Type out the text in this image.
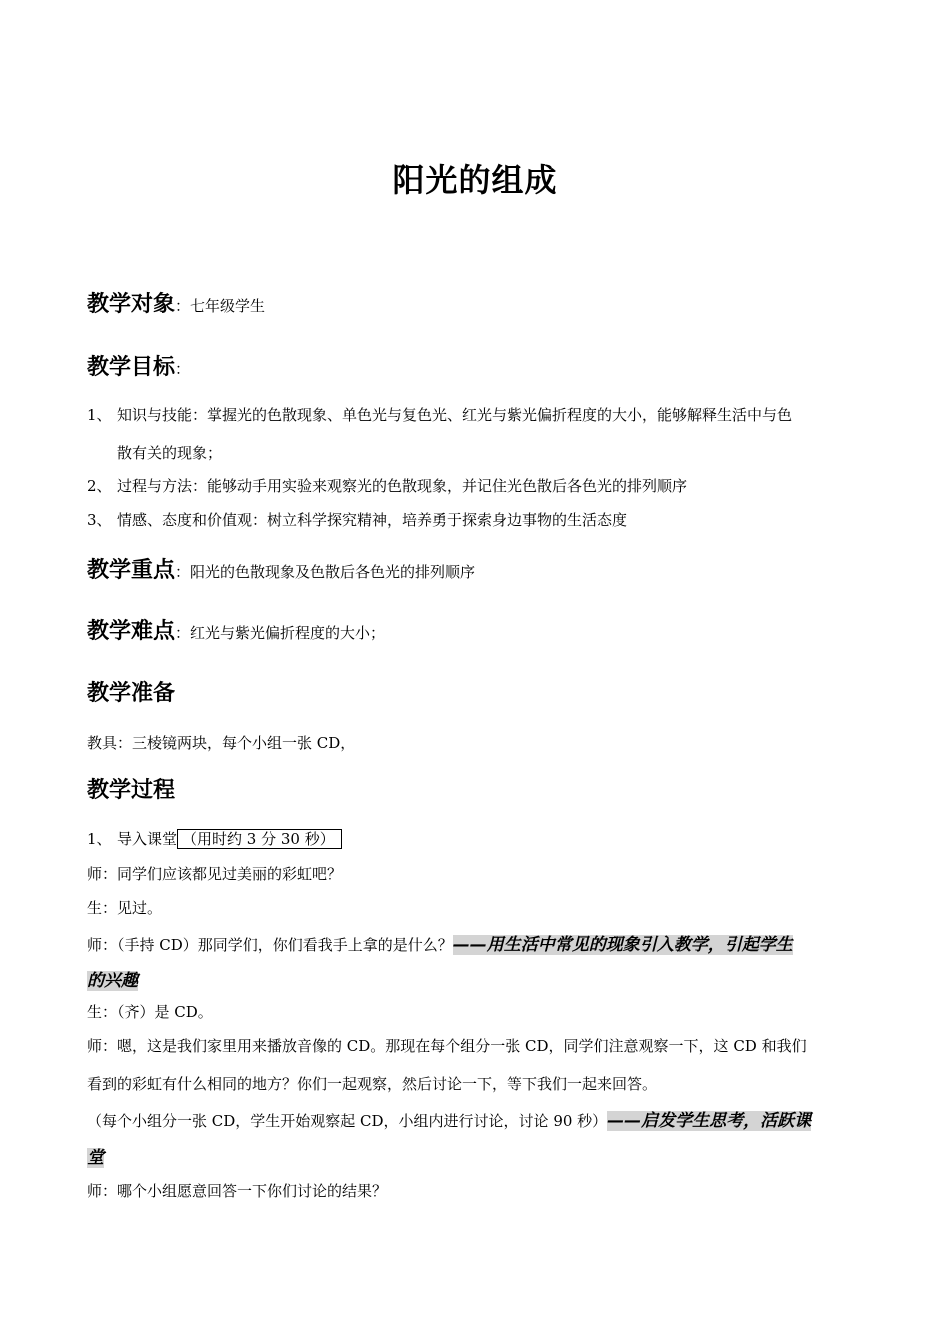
阳光的组成
教学对象：七年级学生
教学目标：
1、 知识与技能：掌握光的色散现象、单色光与复色光、红光与紫光偏折程度的大小，能够解释生活中与色
散有关的现象；
2、 过程与方法：能够动手用实验来观察光的色散现象，并记住光色散后各色光的排列顺序
3、 情感、态度和价值观：树立科学探究精神，培养勇于探索身边事物的生活态度
教学重点：阳光的色散现象及色散后各色光的排列顺序
教学难点：红光与紫光偏折程度的大小；
教学准备
教具：三棱镜两块，每个小组一张 CD，
教学过程
1、 导入课堂 （用时约 3 分 30 秒）
师：同学们应该都见过美丽的彩虹吧？
生：见过。
师：（手持 CD）那同学们，你们看我手上拿的是什么？——用生活中常见的现象引入教学，引起学生
的兴趣
生：（齐）是 CD。
师：嗯，这是我们家里用来播放音像的 CD。那现在每个组分一张 CD，同学们注意观察一下，这 CD 和我们
看到的彩虹有什么相同的地方？你们一起观察，然后讨论一下，等下我们一起来回答。
（每个小组分一张 CD，学生开始观察起 CD，小组内进行讨论，讨论 90 秒）——启发学生思考，活跃课
堂
师：哪个小组愿意回答一下你们讨论的结果？
